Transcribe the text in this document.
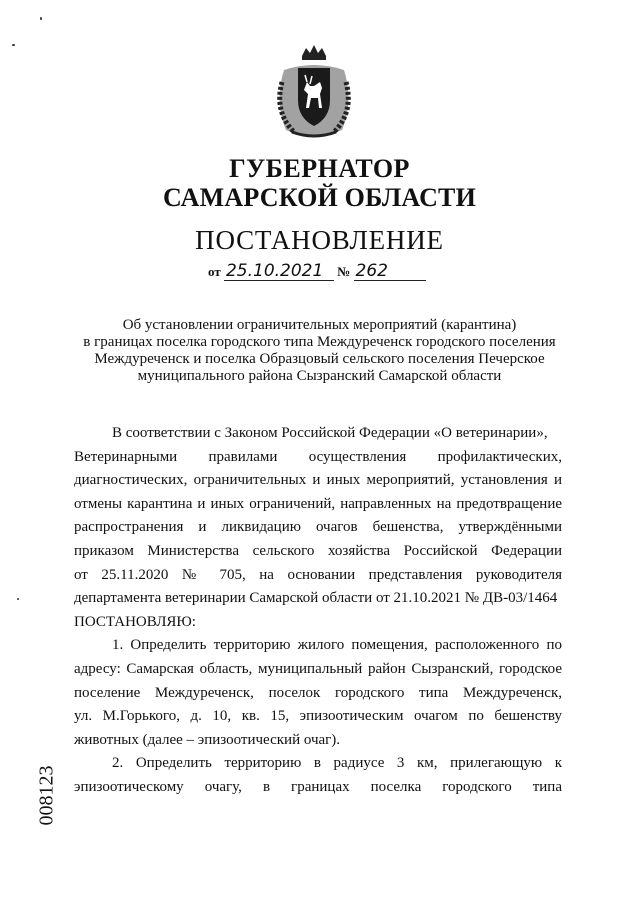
ГУБЕРНАТОР
САМАРСКОЙ ОБЛАСТИ
ПОСТАНОВЛЕНИЕ
от 25.10.2021 № 262
Об установлении ограничительных мероприятий (карантина)
в границах поселка городского типа Междуреченск городского поселения
Междуреченск и поселка Образцовый сельского поселения Печерское
муниципального района Сызранский Самарской области
В соответствии с Законом Российской Федерации «О ветеринарии»,
Ветеринарными правилами осуществления профилактических,
диагностических, ограничительных и иных мероприятий, установления и
отмены карантина и иных ограничений, направленных на предотвращение
распространения и ликвидацию очагов бешенства, утверждёнными
приказом Министерства сельского хозяйства Российской Федерации
от 25.11.2020 № 705, на основании представления руководителя
департамента ветеринарии Самарской области от 21.10.2021 № ДВ-03/1464
ПОСТАНОВЛЯЮ:
1. Определить территорию жилого помещения, расположенного по
адресу: Самарская область, муниципальный район Сызранский, городское
поселение Междуреченск, поселок городского типа Междуреченск,
ул. М.Горького, д. 10, кв. 15, эпизоотическим очагом по бешенству
животных (далее – эпизоотический очаг).
2. Определить территорию в радиусе 3 км, прилегающую к
эпизоотическому очагу, в границах поселка городского типа
008123
